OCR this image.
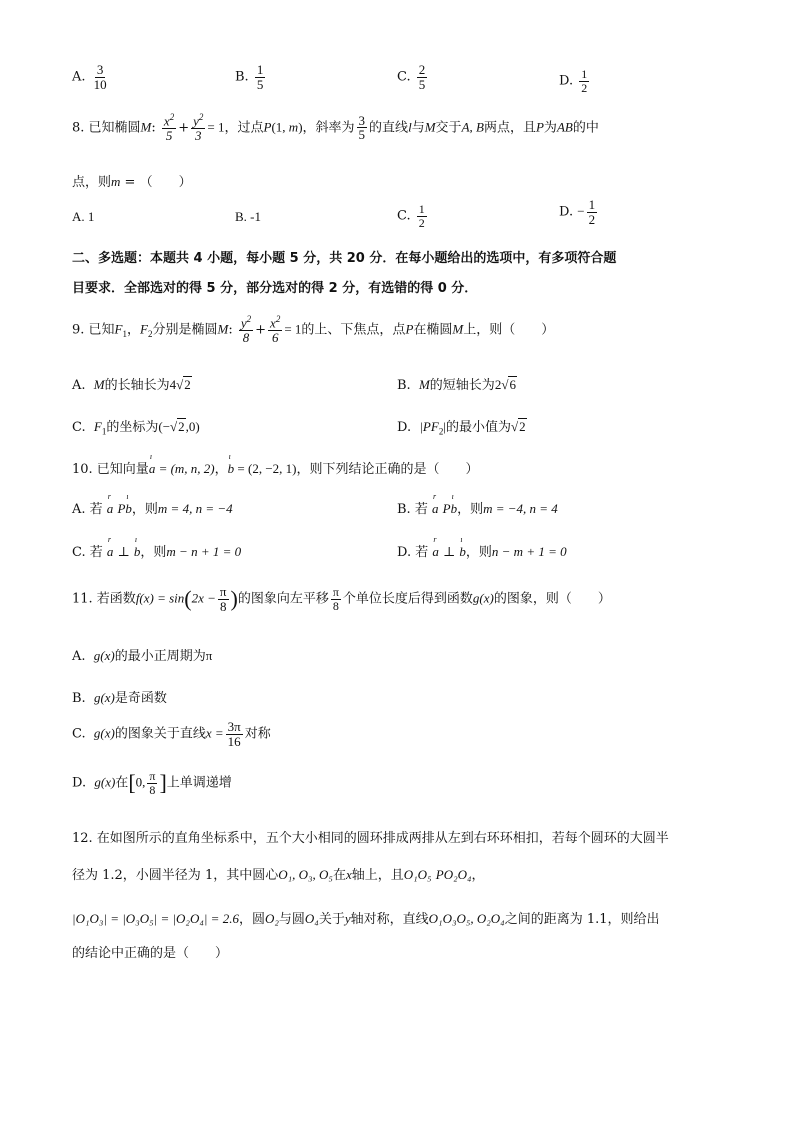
A. $\frac{3}{10}$	B. $\frac{1}{5}$	C. $\frac{2}{5}$	D. $\frac{1}{2}$
8. 已知椭圆M: $\frac{x^2}{5} + \frac{y^2}{3} = 1$，过点P(1, m)，斜率为 $\frac{3}{5}$ 的直线l与M交于A, B两点，且P为AB的中
点，则m = （　　）
A. 1	B. -1	C. $\frac{1}{2}$	D. − $\frac{1}{2}$
二、多选题：本题共 4 小题，每小题 5 分，共 20 分．在每小题给出的选项中，有多项符合题
目要求．全部选对的得 5 分，部分选对的得 2 分，有选错的得 0 分．
9. 已知$F_1$，$F_2$分别是椭圆M: $\frac{y^2}{8} + \frac{x^2}{6} = 1$的上、下焦点，点P在椭圆M上，则（　　）
A. M的长轴长为4√2	B. M的短轴长为2√6
C. $F_1$的坐标为(−√2,0)	D. $|PF_2|$的最小值为√2
10. 已知向量
ı
a = (m, n, 2)，
ı
b = (2, −2, 1)，则下列结论正确的是（　　）
A. 若
r
a P
ı
b，则m = 4, n = −4	B. 若
r
a P
ı
b，则m = −4, n = 4
C. 若
r
a ⊥
ı
b，则m − n + 1 = 0	D. 若
r
a ⊥
ı
b，则n − m + 1 = 0
11. 若函数$f(x) = \sin(2x - \frac{\pi}{8}$ )的图象向左平移 $\frac{\pi}{8}$ 个单位长度后得到函数g(x)的图象，则（　　）
A. g(x)的最小正周期为π
B. g(x)是奇函数
C. g(x)的图象关于直线$x = \frac{3\pi}{16}$ 对称
D. g(x)在[0, $\frac{\pi}{8}$ ]上单调递增
12. 在如图所示的直角坐标系中，五个大小相同的圆环排成两排从左到右环环相扣，若每个圆环的大圆半
径为 1.2，小圆半径为 1，其中圆心O₁, O₃, O₅在x轴上，且O₁O₅ PO₂O₄，
|O₁O₃| = |O₃O₅| = |O₂O₄| = 2.6，圆O₂与圆O₄关于y轴对称，直线O₁O₃O₅, O₂O₄之间的距离为 1.1，则给出
的结论中正确的是（　　）
